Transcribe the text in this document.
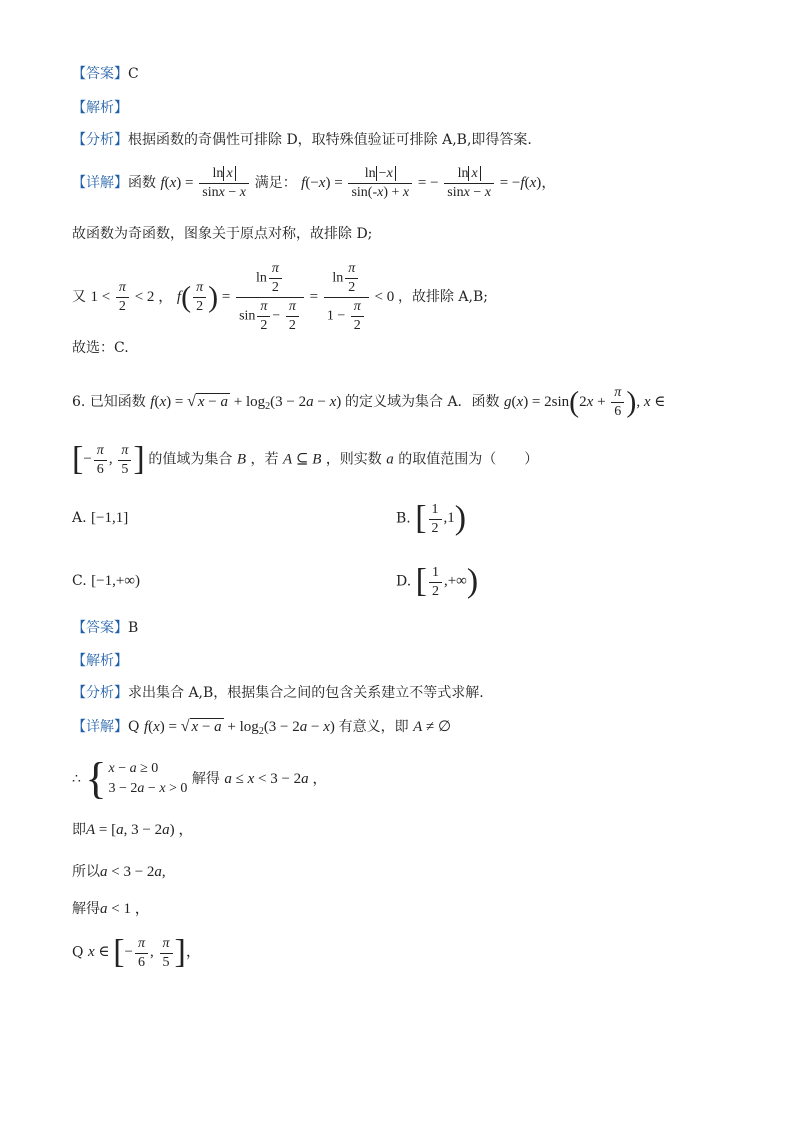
【答案】C
【解析】
【分析】根据函数的奇偶性可排除 D，取特殊值验证可排除 A,B,即得答案.
【详解】函数 $f(x) = \frac{\text{ln x}}{\sin x - x}$ 满足： $f(-x) = \frac{\ln -x}{\sin(-x) + x}$ = − $\frac{\text{ln x}}{\sin x - x} = -f(x)$，
故函数为奇函数，图象关于原点对称，故排除 D;
又 $1 < \frac{\pi}{2} < 2$ ， $f( \frac{\pi}{2}$ ) = $\frac{\ln \frac{\pi}{2}}{\sin \frac{\pi}{2} - \frac{\pi}{2}} = \frac{\ln \frac{\pi}{2}}{1 - \frac{\pi}{2}} < 0$ ，故排除 A,B;
故选：C.
6. 已知函数 f(x) = √ $x - a + \log_2(3 - 2a - x)$ 的定义域为集合 A．函数 $g(x) = 2\sin(2x + \frac{\pi}{6}$ ), x ∈
[− $\frac{\pi}{6}$ , $\frac{\pi}{5}$ ] 的值域为集合 B ，若 A ⊆ B ，则实数 a 的取值范围为（　　）
A. [−1,1]	B. [ $\frac{1}{2} ,1$)
C. [−1,+∞)	D. [ $\frac{1}{2}$ ,+∞)
【答案】B
【解析】
【分析】求出集合 A,B，根据集合之间的包含关系建立不等式求解.
【详解】Q f(x) = √ $x - a + \log_2(3 - 2a - x)$ 有意义，即 A ≠ ∅
∴ { x − a ≥ 0
3 − 2a − x > 0
解得 a ≤ x < 3 − 2a ，
即A = [a, 3 − 2a) ，
所以a < 3 − 2a,
解得a < 1 ，
Q x ∈ [− $\frac{\pi}{6}$ , $\frac{\pi}{5}$ ]，
